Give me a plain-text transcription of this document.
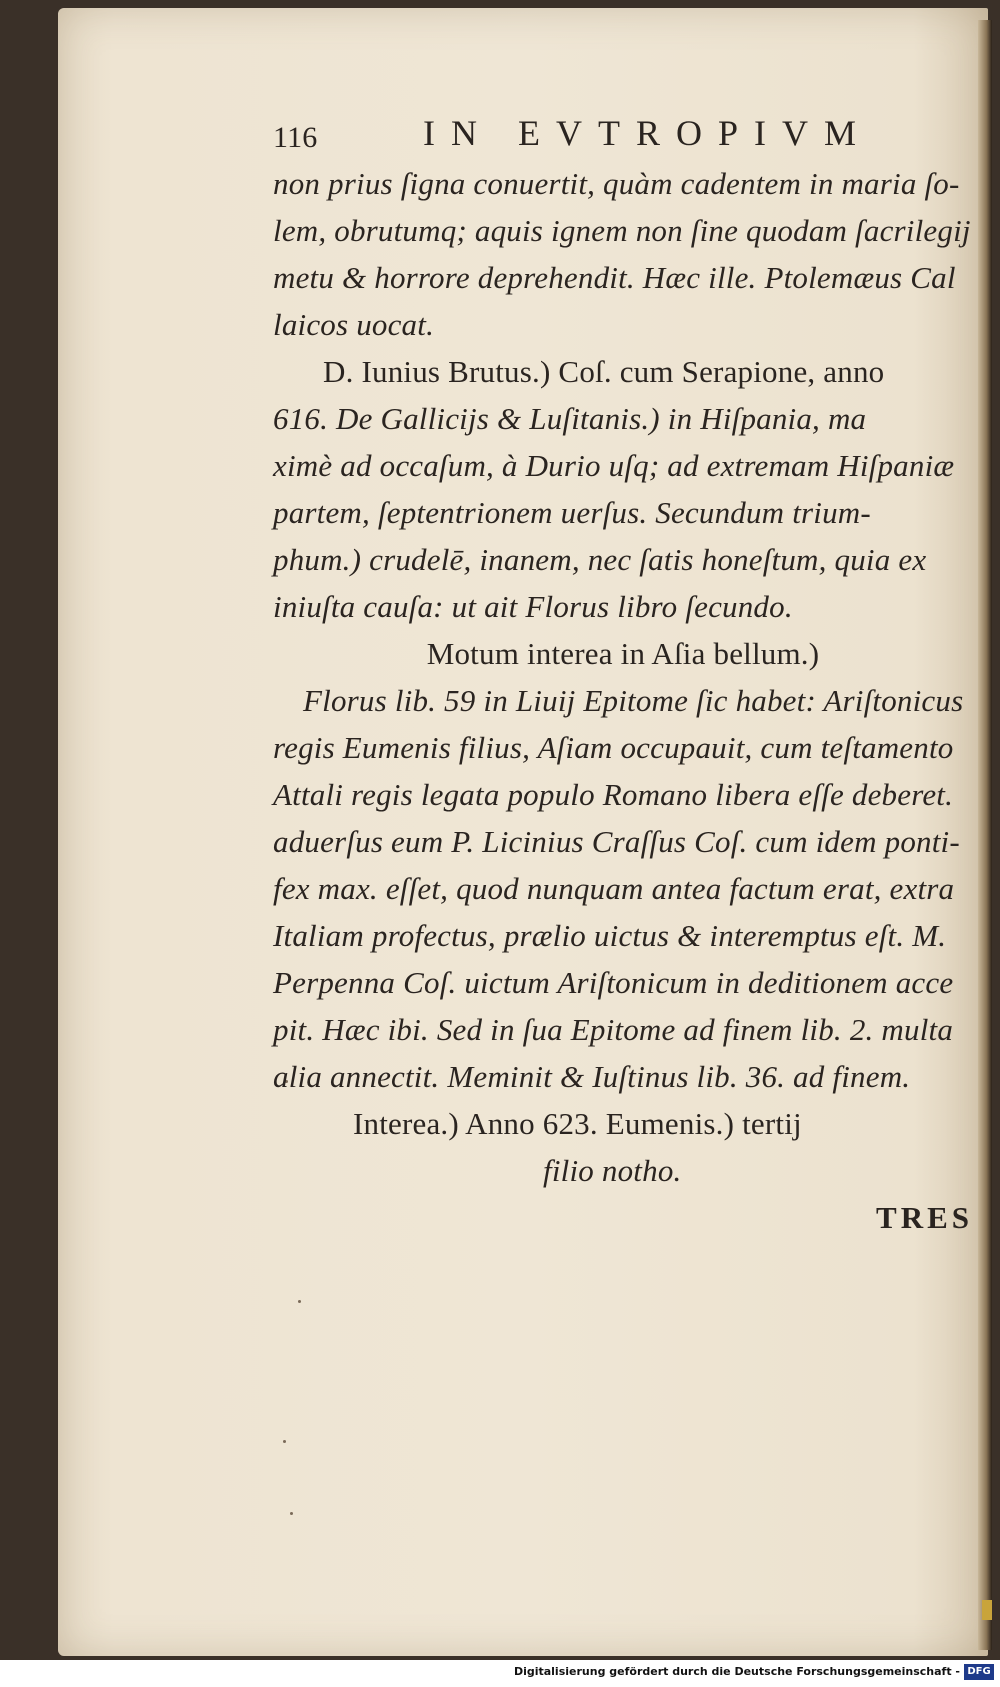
116	IN EVTROPIVM
non prius ſigna conuertit, quàm cadentem in maria ſo-
lem, obrutumq; aquis ignem non ſine quodam ſacrilegij
metu & horrore deprehendit. Hæc ille. Ptolemæus Cal
laicos uocat.
D. Iunius Brutus.) Coſ. cum Serapione, anno
616. De Gallicijs & Luſitanis.) in Hiſpania, ma
ximè ad occaſum, à Durio uſq; ad extremam Hiſpaniæ
partem, ſeptentrionem uerſus. Secundum trium-
phum.) crudelē, inanem, nec ſatis honeſtum, quia ex
iniuſta cauſa: ut ait Florus libro ſecundo.
Motum interea in Aſia bellum.)
Florus lib. 59 in Liuij Epitome ſic habet: Ariſtonicus
regis Eumenis filius, Aſiam occupauit, cum teſtamento
Attali regis legata populo Romano libera eſſe deberet.
aduerſus eum P. Licinius Craſſus Coſ. cum idem ponti-
fex max. eſſet, quod nunquam antea factum erat, extra
Italiam profectus, prælio uictus & interemptus eſt. M.
Perpenna Coſ. uictum Ariſtonicum in deditionem acce
pit. Hæc ibi. Sed in ſua Epitome ad finem lib. 2. multa
alia annectit. Meminit & Iuſtinus lib. 36. ad finem.
Interea.) Anno 623. Eumenis.) tertij
filio notho.
TRES
Digitalisierung gefördert durch die Deutsche Forschungsgemeinschaft - DFG
